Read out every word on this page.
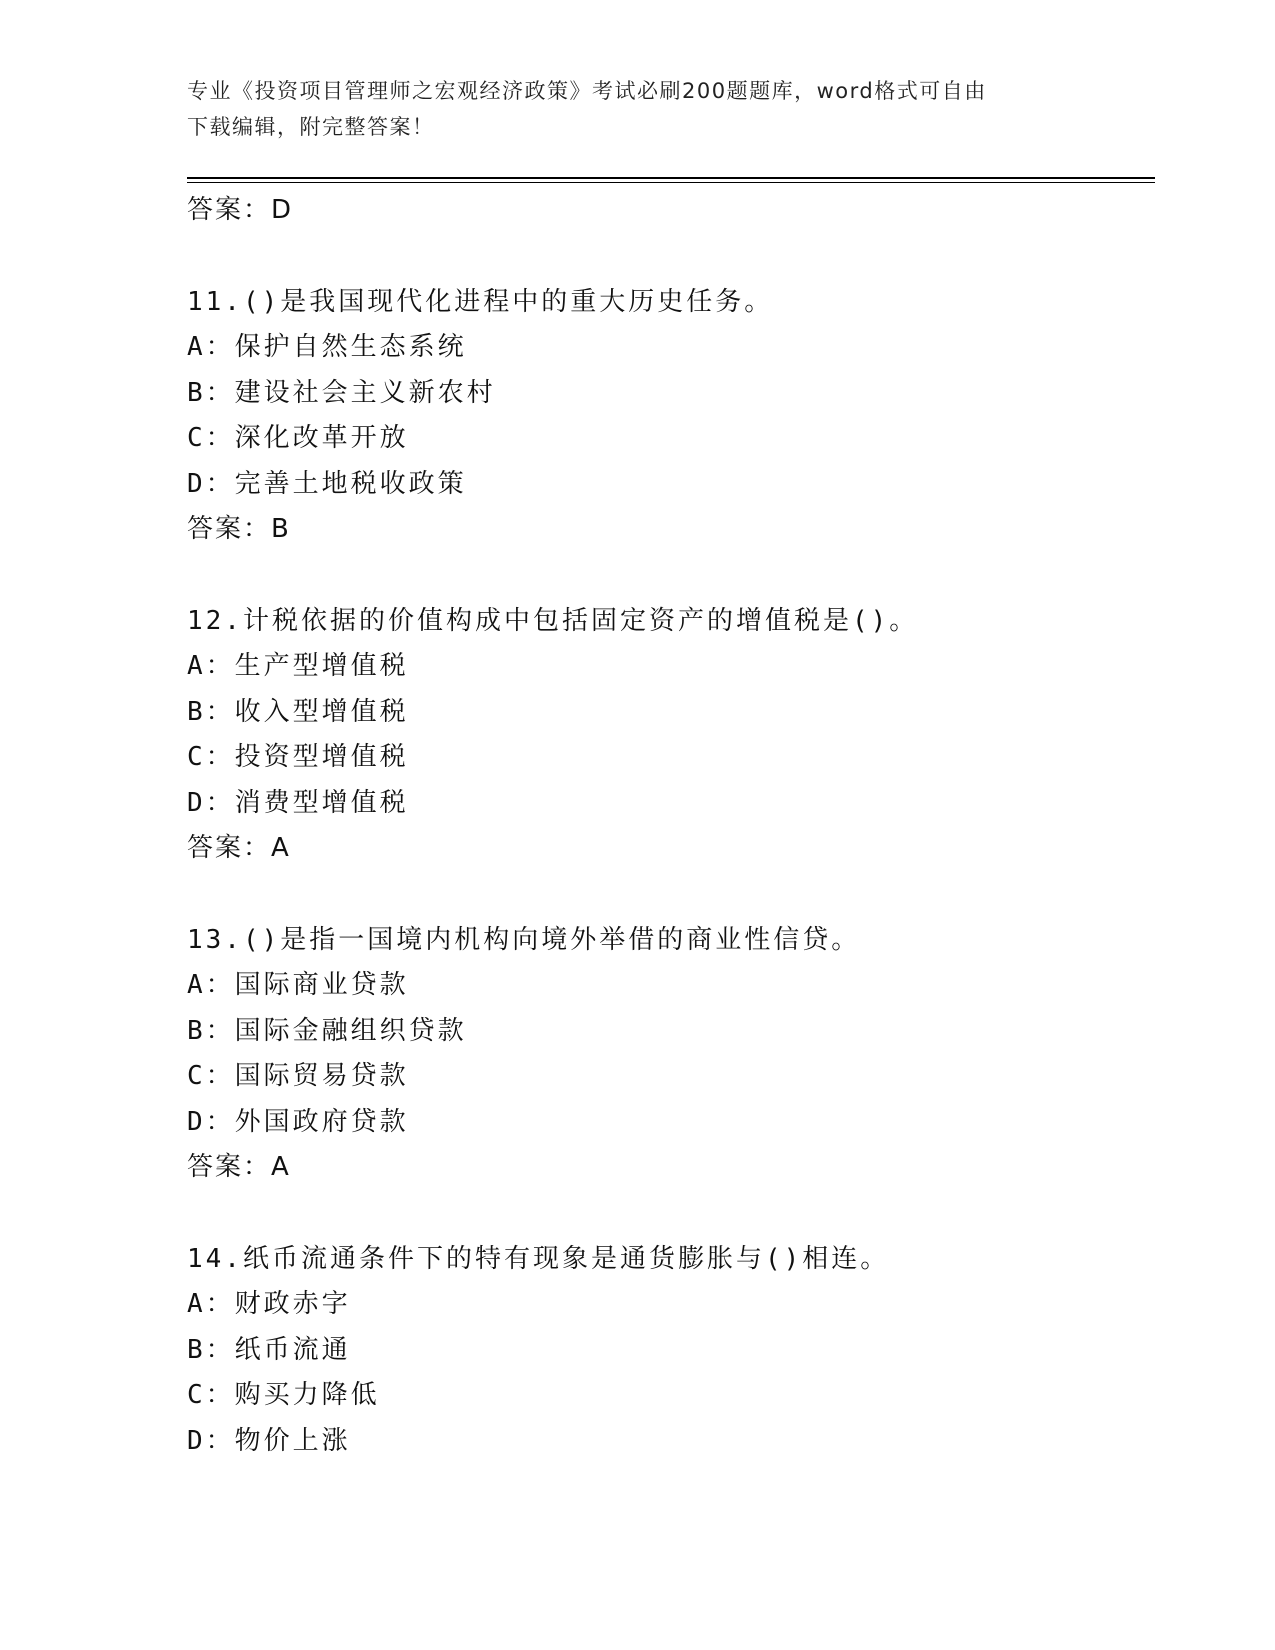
专业《投资项目管理师之宏观经济政策》考试必刷200题题库，word格式可自由
下载编辑，附完整答案！
答案：D
11.()是我国现代化进程中的重大历史任务。
A：保护自然生态系统
B：建设社会主义新农村
C：深化改革开放
D：完善土地税收政策
答案：B
12.计税依据的价值构成中包括固定资产的增值税是()。
A：生产型增值税
B：收入型增值税
C：投资型增值税
D：消费型增值税
答案：A
13.()是指一国境内机构向境外举借的商业性信贷。
A：国际商业贷款
B：国际金融组织贷款
C：国际贸易贷款
D：外国政府贷款
答案：A
14.纸币流通条件下的特有现象是通货膨胀与()相连。
A：财政赤字
B：纸币流通
C：购买力降低
D：物价上涨
